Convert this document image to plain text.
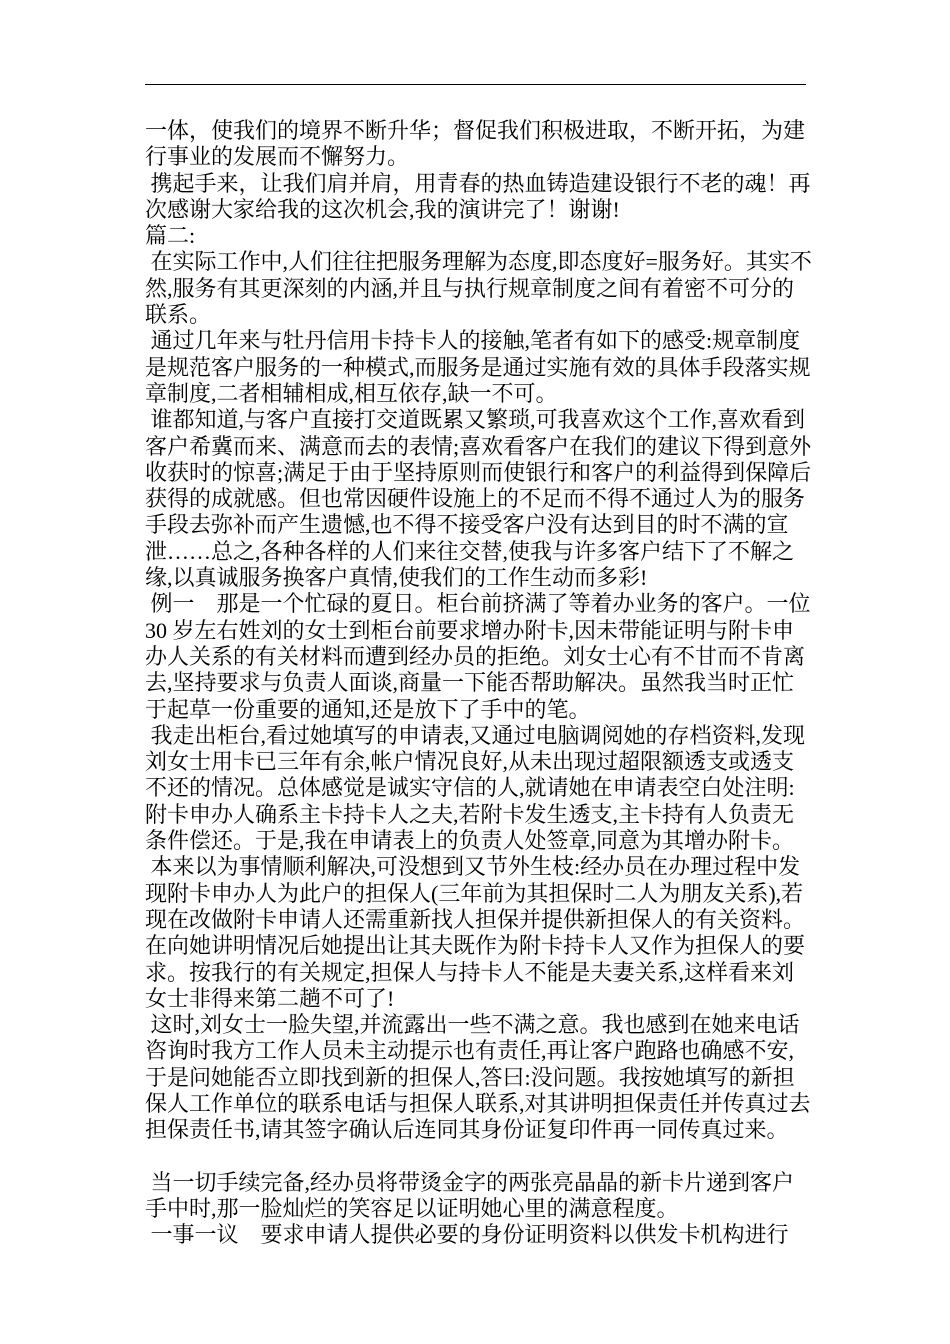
一体，使我们的境界不断升华；督促我们积极进取，不断开拓，为建行事业的发展而不懈努力。

携起手来，让我们肩并肩，用青春的热血铸造建设银行不老的魂！再次感谢大家给我的这次机会,我的演讲完了！谢谢!

篇二:

在实际工作中,人们往往把服务理解为态度,即态度好=服务好。其实不然,服务有其更深刻的内涵,并且与执行规章制度之间有着密不可分的联系。

通过几年来与牡丹信用卡持卡人的接触,笔者有如下的感受:规章制度是规范客户服务的一种模式,而服务是通过实施有效的具体手段落实规章制度,二者相辅相成,相互依存,缺一不可。

谁都知道,与客户直接打交道既累又繁琐,可我喜欢这个工作,喜欢看到客户希冀而来、满意而去的表情;喜欢看客户在我们的建议下得到意外收获时的惊喜;满足于由于坚持原则而使银行和客户的利益得到保障后获得的成就感。但也常因硬件设施上的不足而不得不通过人为的服务手段去弥补而产生遗憾,也不得不接受客户没有达到目的时不满的宣泄……总之,各种各样的人们来往交替,使我与许多客户结下了不解之缘,以真诚服务换客户真情,使我们的工作生动而多彩!

例一　那是一个忙碌的夏日。柜台前挤满了等着办业务的客户。一位 30 岁左右姓刘的女士到柜台前要求增办附卡,因未带能证明与附卡申办人关系的有关材料而遭到经办员的拒绝。刘女士心有不甘而不肯离去,坚持要求与负责人面谈,商量一下能否帮助解决。虽然我当时正忙于起草一份重要的通知,还是放下了手中的笔。

我走出柜台,看过她填写的申请表,又通过电脑调阅她的存档资料,发现刘女士用卡已三年有余,帐户情况良好,从未出现过超限额透支或透支不还的情况。总体感觉是诚实守信的人,就请她在申请表空白处注明:附卡申办人确系主卡持卡人之夫,若附卡发生透支,主卡持有人负责无条件偿还。于是,我在申请表上的负责人处签章,同意为其增办附卡。

本来以为事情顺利解决,可没想到又节外生枝:经办员在办理过程中发现附卡申办人为此户的担保人(三年前为其担保时二人为朋友关系),若现在改做附卡申请人还需重新找人担保并提供新担保人的有关资料。在向她讲明情况后她提出让其夫既作为附卡持卡人又作为担保人的要求。按我行的有关规定,担保人与持卡人不能是夫妻关系,这样看来刘女士非得来第二趟不可了!

这时,刘女士一脸失望,并流露出一些不满之意。我也感到在她来电话咨询时我方工作人员未主动提示也有责任,再让客户跑路也确感不安,于是问她能否立即找到新的担保人,答曰:没问题。我按她填写的新担保人工作单位的联系电话与担保人联系,对其讲明担保责任并传真过去担保责任书,请其签字确认后连同其身份证复印件再一同传真过来。

当一切手续完备,经办员将带烫金字的两张亮晶晶的新卡片递到客户手中时,那一脸灿烂的笑容足以证明她心里的满意程度。

一事一议　要求申请人提供必要的身份证明资料以供发卡机构进行
